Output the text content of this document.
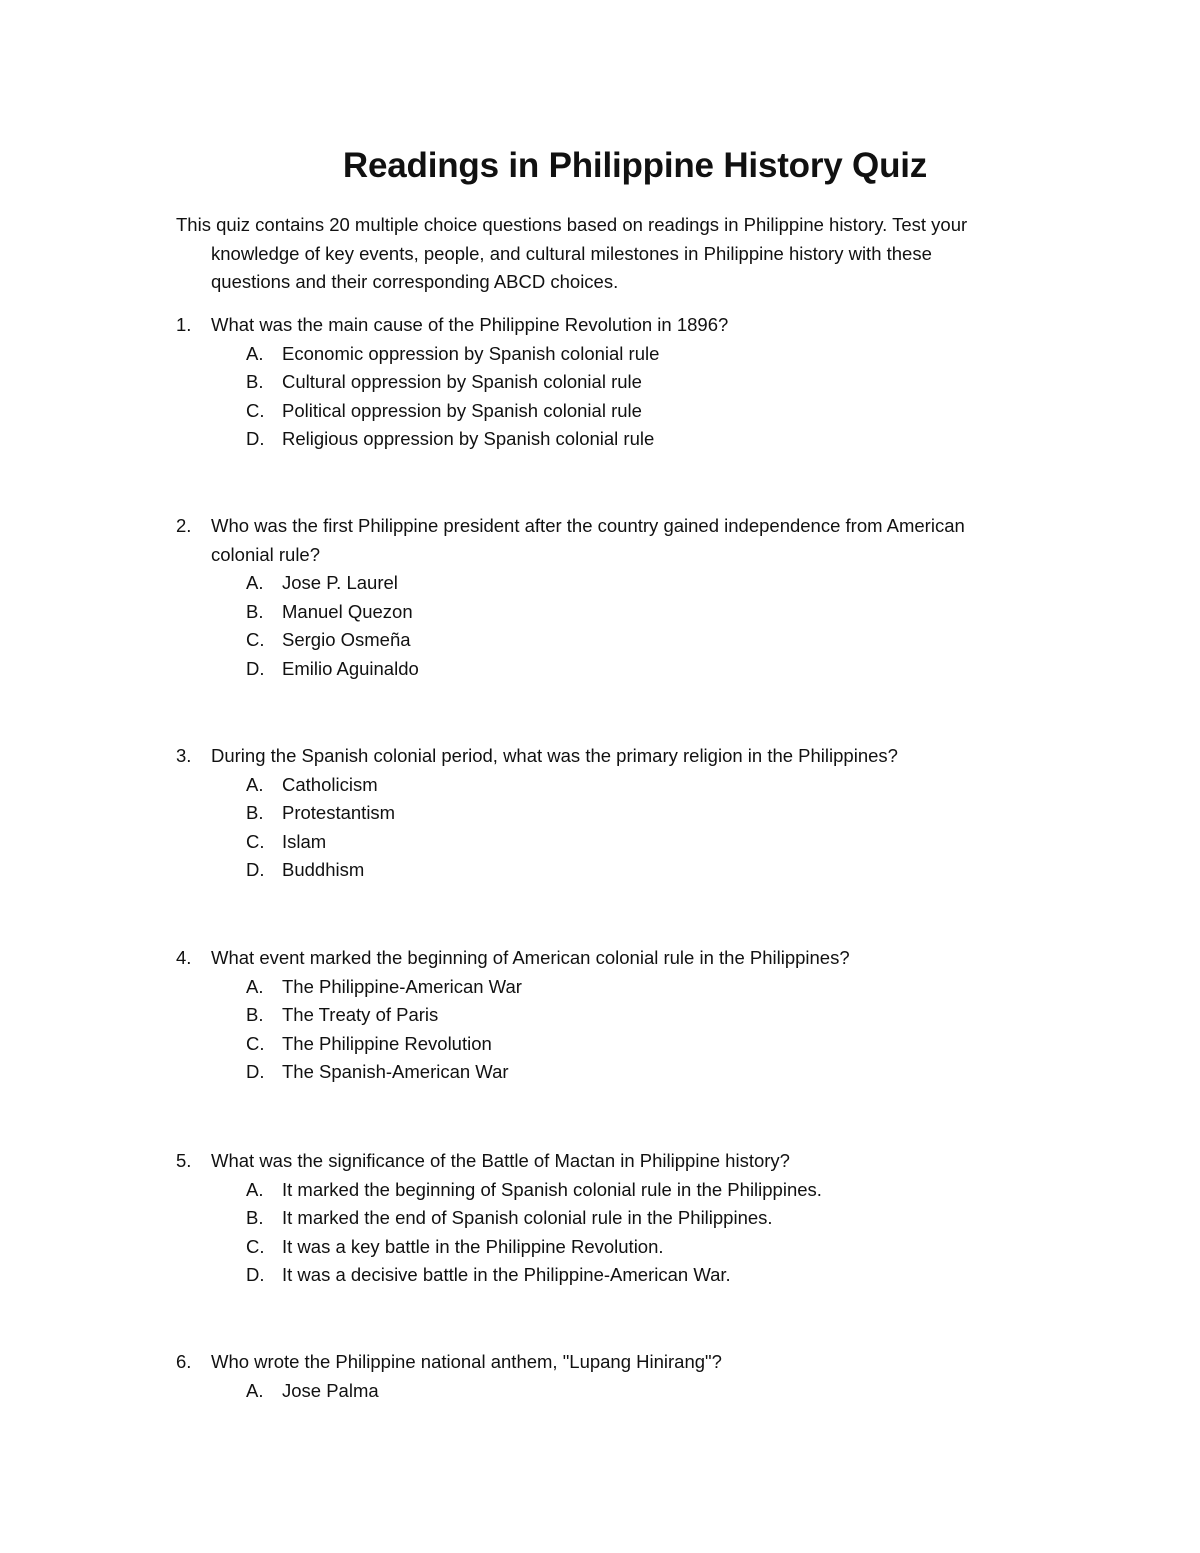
Readings in Philippine History Quiz
This quiz contains 20 multiple choice questions based on readings in Philippine history. Test your
knowledge of key events, people, and cultural milestones in Philippine history with these
questions and their corresponding ABCD choices.
1.	What was the main cause of the Philippine Revolution in 1896?
A.	Economic oppression by Spanish colonial rule
B.	Cultural oppression by Spanish colonial rule
C. Political oppression by Spanish colonial rule
D. Religious oppression by Spanish colonial rule
2.	Who was the first Philippine president after the country gained independence from American
colonial rule?
A.	Jose P. Laurel
B.	Manuel Quezon
C. Sergio Osmeña
D. Emilio Aguinaldo
3.	During the Spanish colonial period, what was the primary religion in the Philippines?
A.	Catholicism
B.	Protestantism
C. Islam
D. Buddhism
4.	What event marked the beginning of American colonial rule in the Philippines?
A.	The Philippine-American War
B.	The Treaty of Paris
C. The Philippine Revolution
D. The Spanish-American War
5.	What was the significance of the Battle of Mactan in Philippine history?
A.	It marked the beginning of Spanish colonial rule in the Philippines.
B.	It marked the end of Spanish colonial rule in the Philippines.
C. It was a key battle in the Philippine Revolution.
D. It was a decisive battle in the Philippine-American War.
6.	Who wrote the Philippine national anthem, "Lupang Hinirang"?
A.	Jose Palma
